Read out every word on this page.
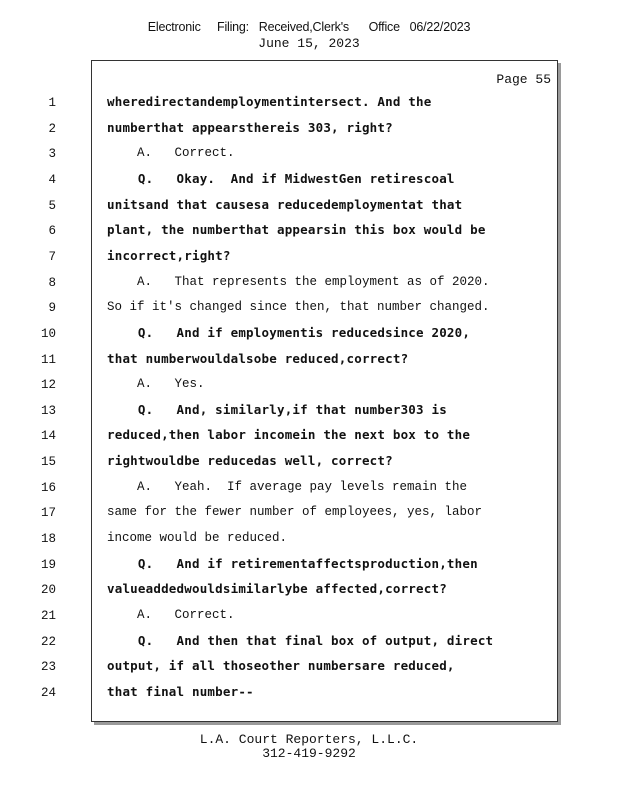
Electronic     Filing:   Received,Clerk's      Office   06/22/2023
June 15, 2023
Page 55
1
2
3
4
5
6
7
8
9
10
11
12
13
14
15
16
17
18
19
20
21
22
23
24
wheredirectandemploymentintersect. And the
numberthat appearsthereis 303, right?
A.   Correct.
Q.   Okay.  And if MidwestGen retirescoal
unitsand that causesa reducedemploymentat that
plant, the numberthat appearsin this box would be
incorrect,right?
A.   That represents the employment as of 2020.
So if it's changed since then, that number changed.
Q.   And if employmentis reducedsince 2020,
that numberwouldalsobe reduced,correct?
A.   Yes.
Q.   And, similarly,if that number303 is
reduced,then labor incomein the next box to the
rightwouldbe reducedas well, correct?
A.   Yeah.  If average pay levels remain the
same for the fewer number of employees, yes, labor
income would be reduced.
Q.   And if retirementaffectsproduction,then
valueaddedwouldsimilarlybe affected,correct?
A.   Correct.
Q.   And then that final box of output, direct
output, if all thoseother numbersare reduced,
that final number--
L.A. Court Reporters, L.L.C.
312-419-9292
